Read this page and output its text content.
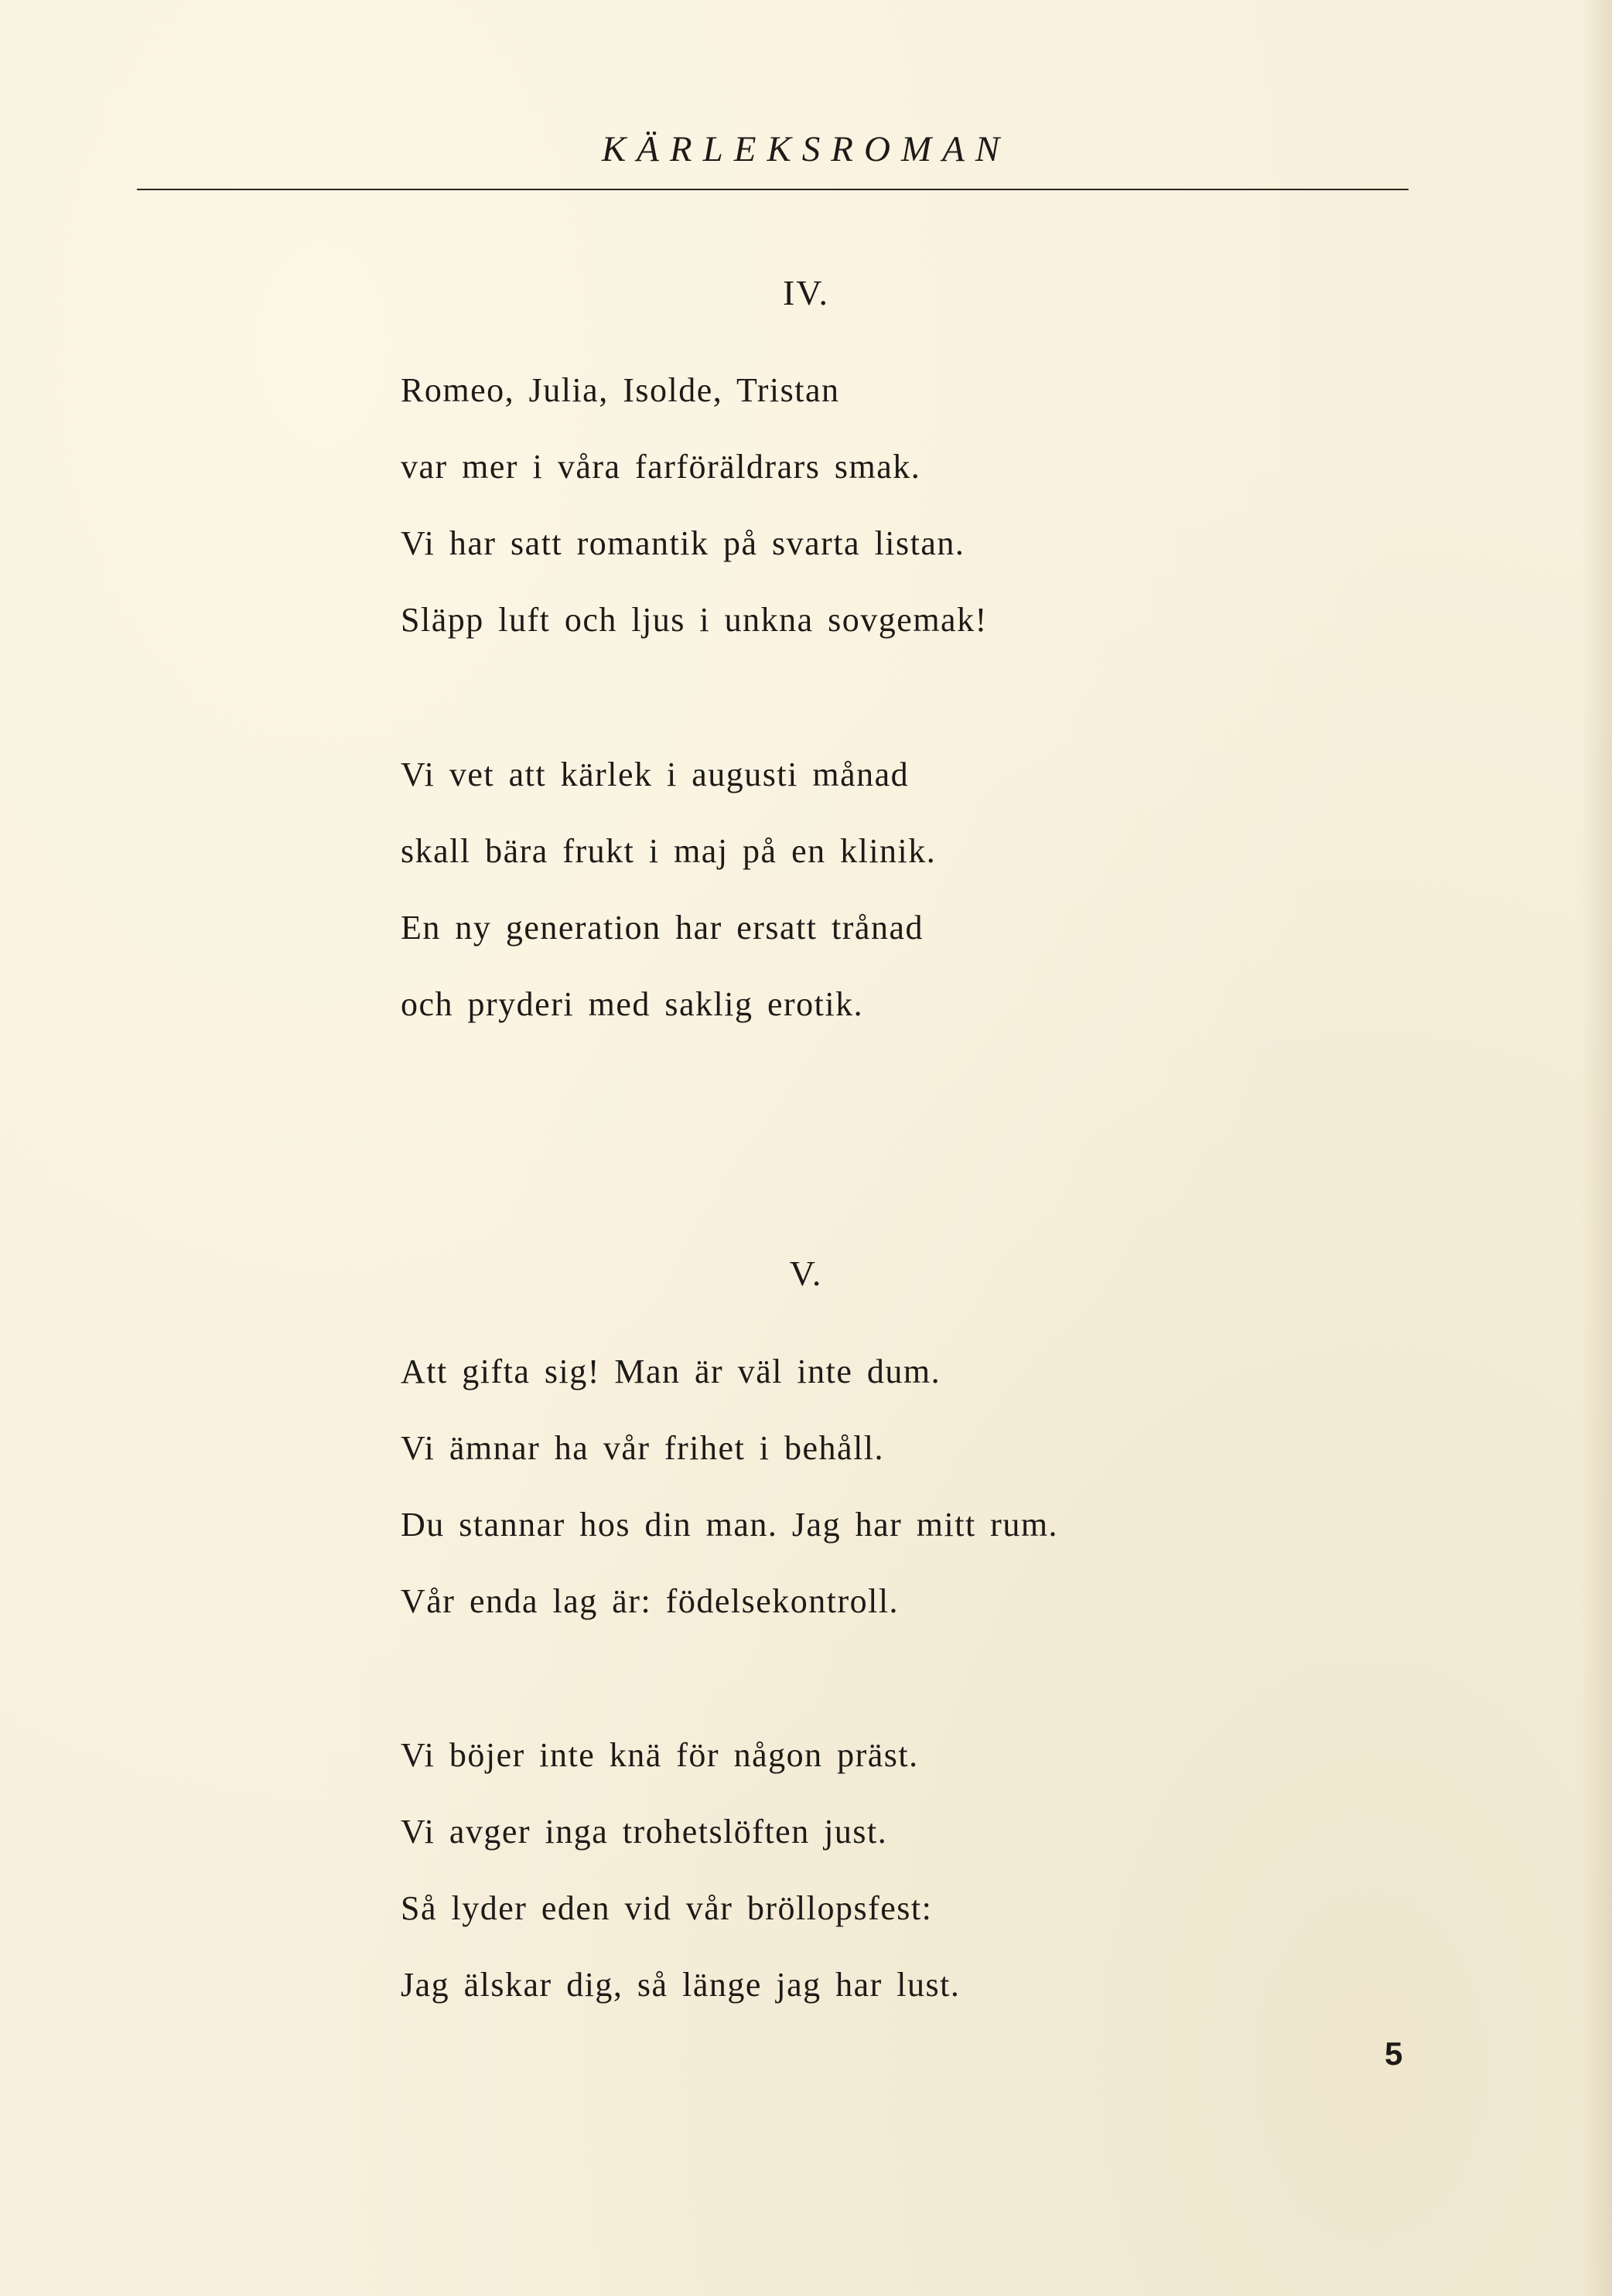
KÄRLEKSROMAN
IV.
Romeo, Julia, Isolde, Tristan
var mer i våra farföräldrars smak.
Vi har satt romantik på svarta listan.
Släpp luft och ljus i unkna sovgemak!
Vi vet att kärlek i augusti månad
skall bära frukt i maj på en klinik.
En ny generation har ersatt trånad
och pryderi med saklig erotik.
V.
Att gifta sig! Man är väl inte dum.
Vi ämnar ha vår frihet i behåll.
Du stannar hos din man. Jag har mitt rum.
Vår enda lag är: födelsekontroll.
Vi böjer inte knä för någon präst.
Vi avger inga trohetslöften just.
Så lyder eden vid vår bröllopsfest:
Jag älskar dig, så länge jag har lust.
5
